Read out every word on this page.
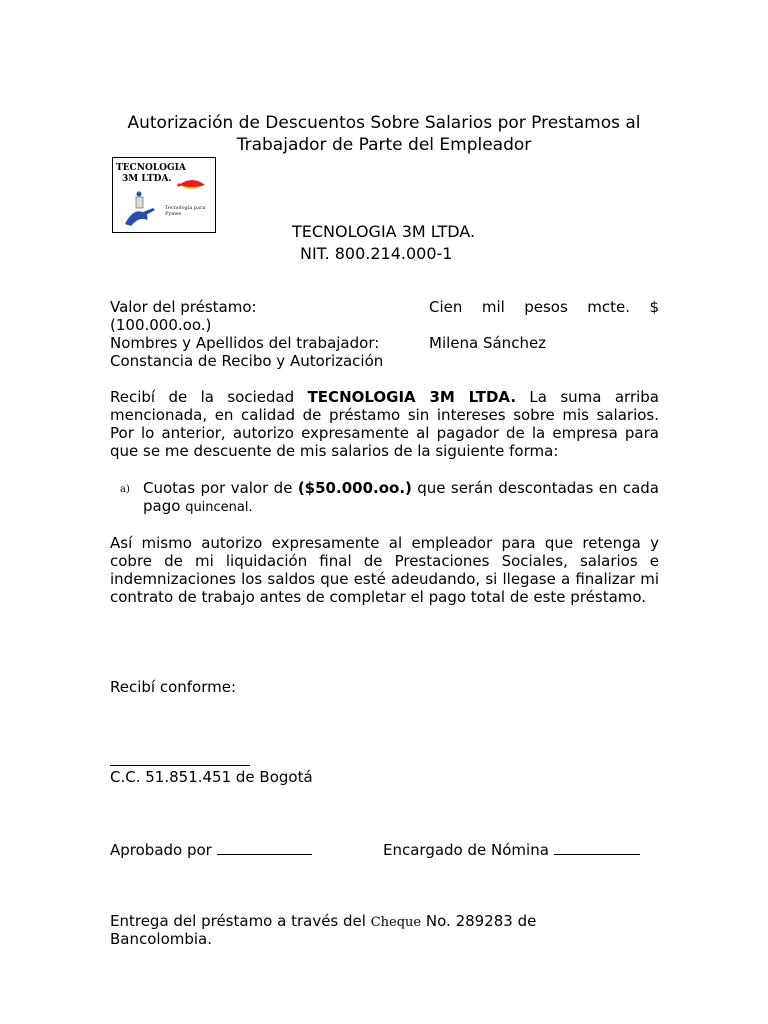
Autorización de Descuentos Sobre Salarios por Prestamos al
Trabajador de Parte del Empleador
TECNOLOGIA
3M LTDA.
Tecnología para
Pymes
TECNOLOGIA 3M LTDA.
NIT. 800.214.000-1
Valor del préstamo:	Cien mil pesos mcte. $
(100.000.oo.)
Nombres y Apellidos del trabajador:	Milena Sánchez
Constancia de Recibo y Autorización
Recibí de la sociedad TECNOLOGIA 3M LTDA. La suma arriba mencionada, en calidad de préstamo sin intereses sobre mis salarios. Por lo anterior, autorizo expresamente al pagador de la empresa para que se me descuente de mis salarios de la siguiente forma:
a) Cuotas por valor de ($50.000.oo.) que serán descontadas en cada pago quincenal.
Así mismo autorizo expresamente al empleador para que retenga y cobre de mi liquidación final de Prestaciones Sociales, salarios e indemnizaciones los saldos que esté adeudando, si llegase a finalizar mi contrato de trabajo antes de completar el pago total de este préstamo.
Recibí conforme:
C.C. 51.851.451 de Bogotá
Aprobado por	Encargado de Nómina
Entrega del préstamo a través del Cheque No. 289283 de
Bancolombia.
